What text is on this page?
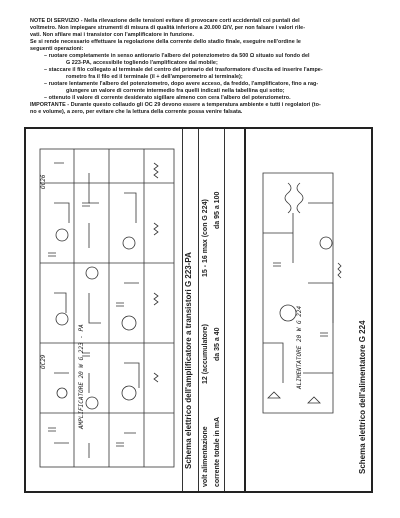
NOTE DI SERVIZIO - Nella rilevazione delle tensioni evitare di provocare corti accidentali coi puntali del
voltmetro. Non impiegare strumenti di misura di qualità inferiore a 20.000 Ω/V, per non falsare i valori rile-
vati. Non sfilare mai i transistor con l'amplificatore in funzione.

Se si rende necessario effettuare la regolazione della corrente dello stadio finale, eseguire nell'ordine le
seguenti operazioni:

– ruotare completamente in senso antiorario l'albero del potenziometro da 500 Ω situato sul fondo del
G 223-PA, accessibile togliendo l'amplificatore dal mobile;

– staccare il filo collegato al terminale del centro del primario del trasformatore d'uscita ed inserire l'ampe-
rometro fra il filo ed il terminale (il + dell'amperometro al terminale);

– ruotare lentamente l'albero del potenziometro, dopo avere acceso, da freddo, l'amplificatore, fino a rag-
giungere un valore di corrente intermedio fra quelli indicati nella tabellina qui sotto;

– ottenuto il valore di corrente desiderato sigillare almeno con cera l'albero del potenziometro.

IMPORTANTE - Durante questo collaudo gli OC 29 devono essere a temperatura ambiente e tutti i regolatori (to-
no e volume), a zero, per evitare che la lettura della corrente possa venire falsata.

AMPLIFICATORE 20 W G 223 - PA
OC26
OC29	Schema elettrico dell'amplificatore a transistori G 223-PA volt alimentazione
12 (accumulatore)
15 - 16 max (con G 224)
corrente totale in mA
da 35 a 40
da 95 a 100
ALIMENTATORE 20 W G 224	Schema elettrico dell'alimentatore G 224
